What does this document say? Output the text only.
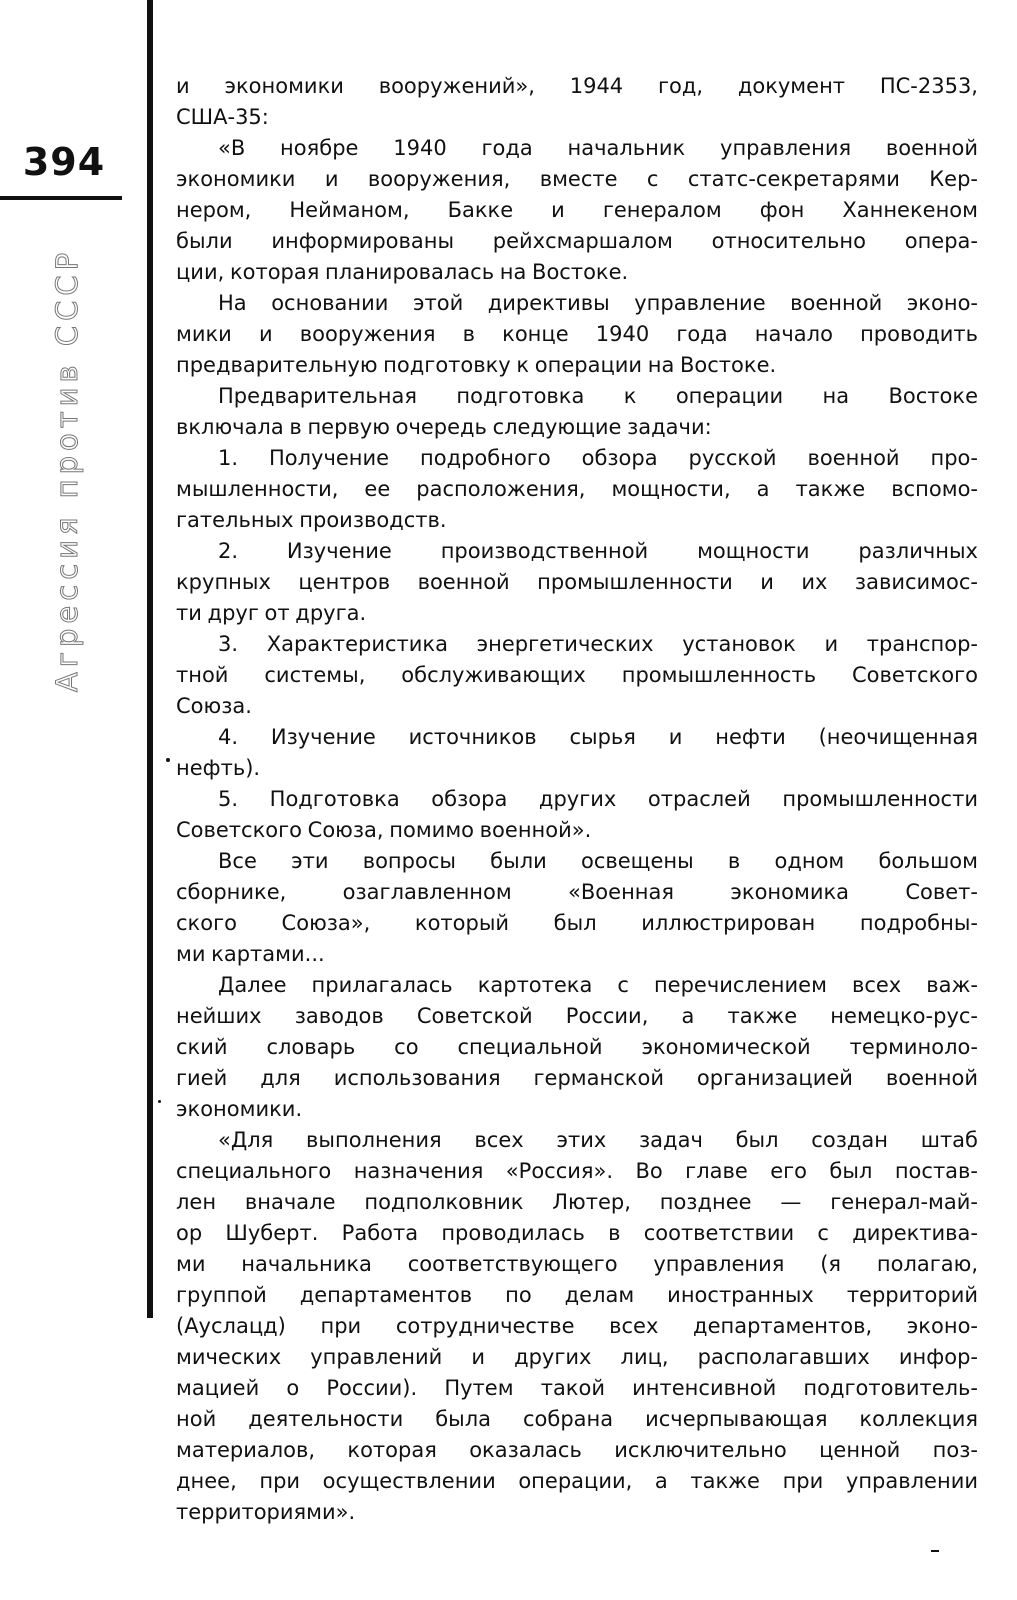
394
Агрессия против СССР
и экономики вооружений», 1944 год, документ ПС-2353,
США-35:
«В ноябре 1940 года начальник управления военной
экономики и вооружения, вместе с статс-секретарями Кер-
нером, Нейманом, Бакке и генералом фон Ханнекеном
были информированы рейхсмаршалом относительно опера-
ции, которая планировалась на Востоке.
На основании этой директивы управление военной эконо-
мики и вооружения в конце 1940 года начало проводить
предварительную подготовку к операции на Востоке.
Предварительная подготовка к операции на Востоке
включала в первую очередь следующие задачи:
1. Получение подробного обзора русской военной про-
мышленности, ее расположения, мощности, а также вспомо-
гательных производств.
2. Изучение производственной мощности различных
крупных центров военной промышленности и их зависимос-
ти друг от друга.
3. Характеристика энергетических установок и транспор-
тной системы, обслуживающих промышленность Советского
Союза.
4. Изучение источников сырья и нефти (неочищенная
нефть).
5. Подготовка обзора других отраслей промышленности
Советского Союза, помимо военной».
Все эти вопросы были освещены в одном большом
сборнике, озаглавленном «Военная экономика Совет-
ского Союза», который был иллюстрирован подробны-
ми картами...
Далее прилагалась картотека с перечислением всех важ-
нейших заводов Советской России, а также немецко-рус-
ский словарь со специальной экономической терминоло-
гией для использования германской организацией военной
экономики.
«Для выполнения всех этих задач был создан штаб
специального назначения «Россия». Во главе его был постав-
лен вначале подполковник Лютер, позднее — генерал-май-
ор Шуберт. Работа проводилась в соответствии с директива-
ми начальника соответствующего управления (я полагаю,
группой департаментов по делам иностранных территорий
(Ауслацд) при сотрудничестве всех департаментов, эконо-
мических управлений и других лиц, располагавших инфор-
мацией о России). Путем такой интенсивной подготовитель-
ной деятельности была собрана исчерпывающая коллекция
материалов, которая оказалась исключительно ценной поз-
днее, при осуществлении операции, а также при управлении
территориями».
